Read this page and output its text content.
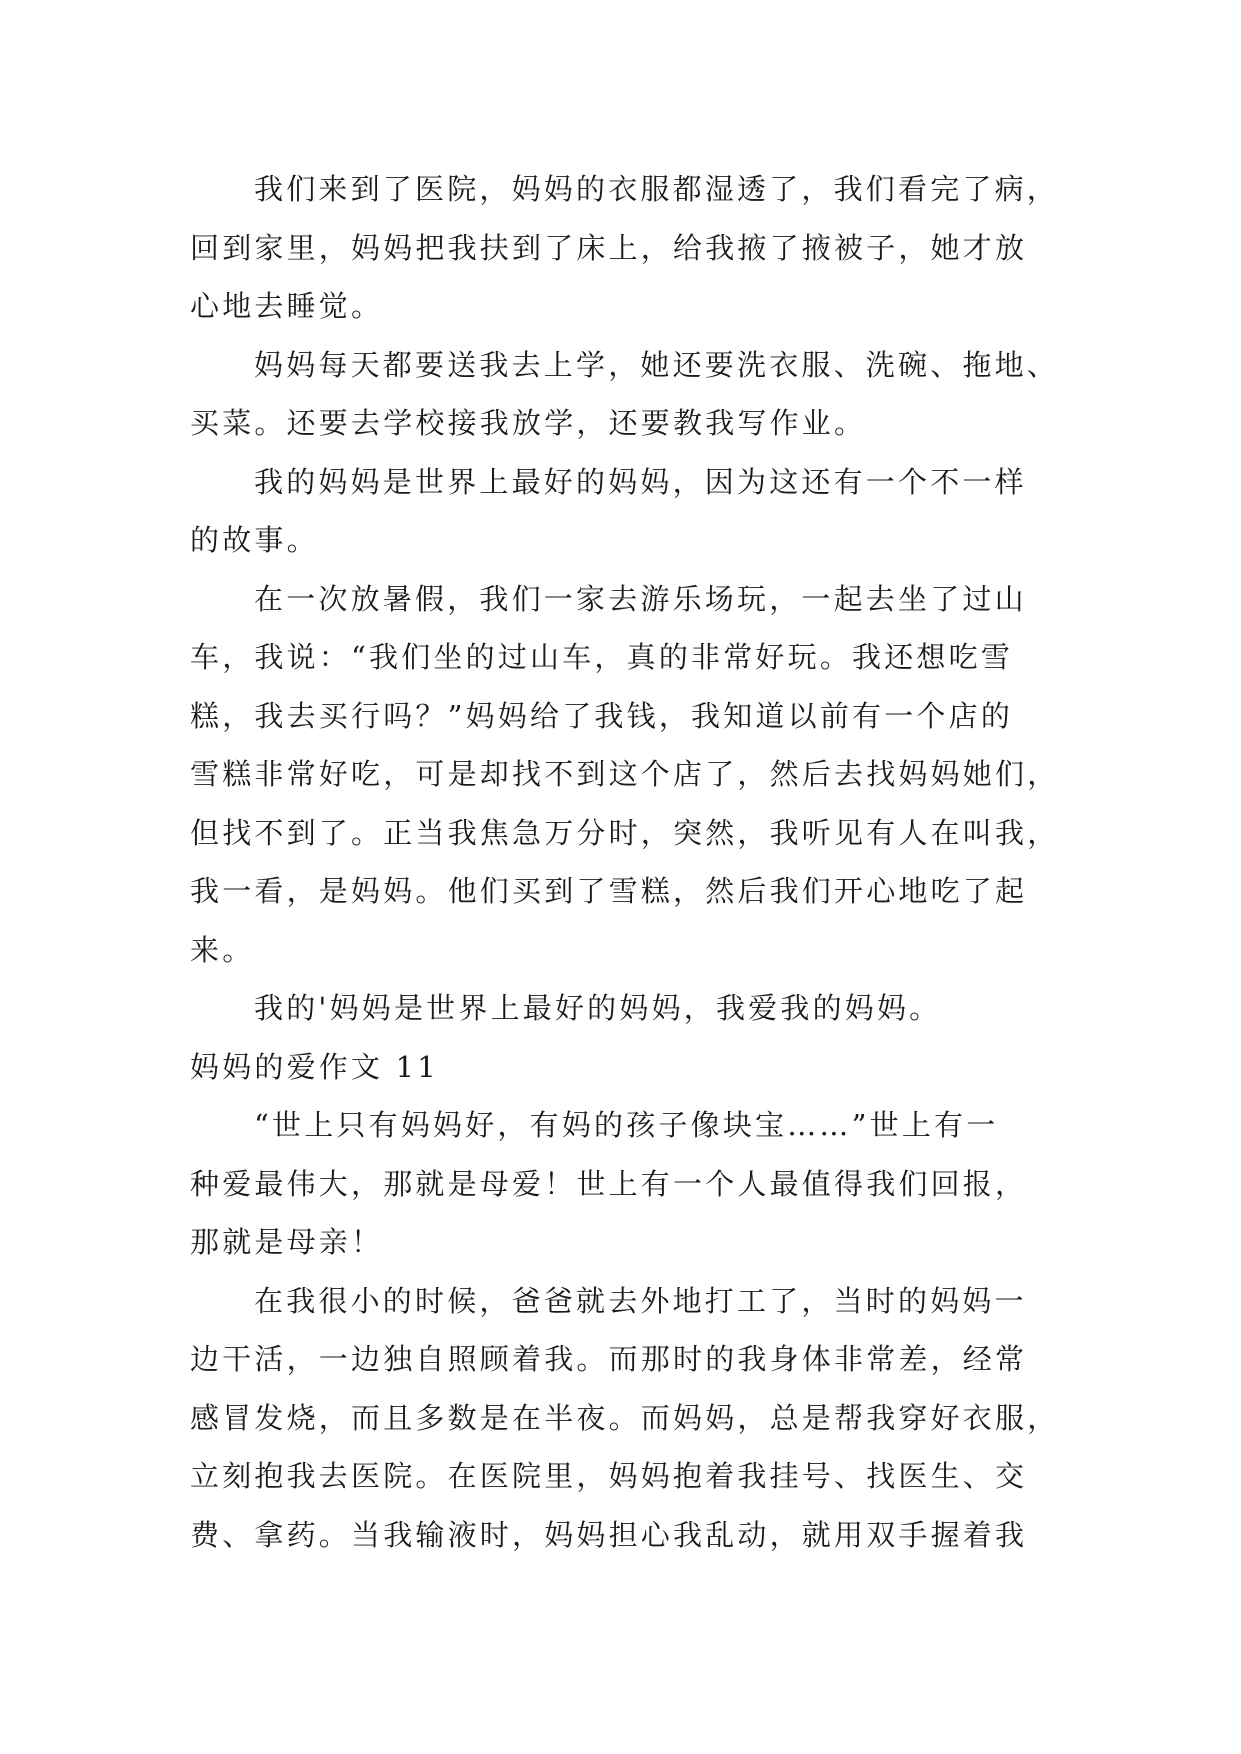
我们来到了医院，妈妈的衣服都湿透了，我们看完了病，
回到家里，妈妈把我扶到了床上，给我掖了掖被子，她才放
心地去睡觉。
妈妈每天都要送我去上学，她还要洗衣服、洗碗、拖地、
买菜。还要去学校接我放学，还要教我写作业。
我的妈妈是世界上最好的妈妈，因为这还有一个不一样
的故事。
在一次放暑假，我们一家去游乐场玩，一起去坐了过山
车，我说：“我们坐的过山车，真的非常好玩。我还想吃雪
糕，我去买行吗？”妈妈给了我钱，我知道以前有一个店的
雪糕非常好吃，可是却找不到这个店了，然后去找妈妈她们，
但找不到了。正当我焦急万分时，突然，我听见有人在叫我，
我一看，是妈妈。他们买到了雪糕，然后我们开心地吃了起
来。
我的'妈妈是世界上最好的妈妈，我爱我的妈妈。
妈妈的爱作文 11
“世上只有妈妈好，有妈的孩子像块宝……”世上有一
种爱最伟大，那就是母爱！世上有一个人最值得我们回报，
那就是母亲！
在我很小的时候，爸爸就去外地打工了，当时的妈妈一
边干活，一边独自照顾着我。而那时的我身体非常差，经常
感冒发烧，而且多数是在半夜。而妈妈，总是帮我穿好衣服，
立刻抱我去医院。在医院里，妈妈抱着我挂号、找医生、交
费、拿药。当我输液时，妈妈担心我乱动，就用双手握着我
